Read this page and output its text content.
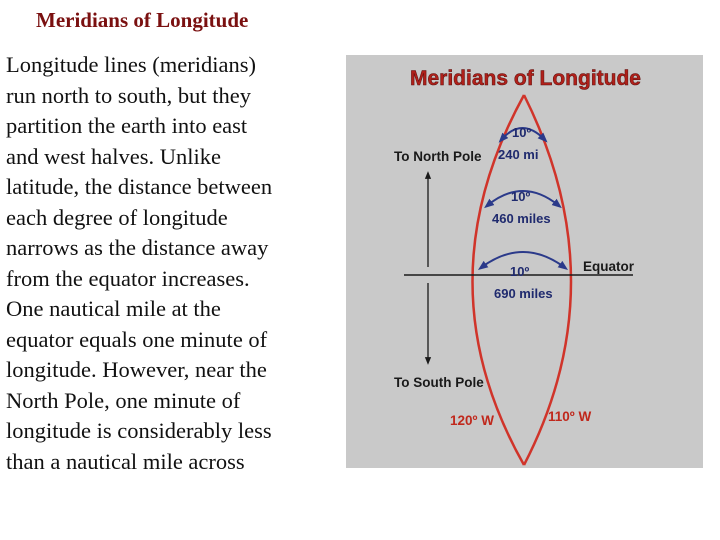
Meridians of Longitude
Longitude lines (meridians)
run north to south, but they
partition the earth into east
and west halves. Unlike
latitude, the distance between
each degree of longitude
narrows as the distance away
from the equator increases.
One nautical mile at the
equator equals one minute of
longitude. However, near the
North Pole, one minute of
longitude is considerably less
than a nautical mile across
Meridians of Longitude
To North Pole
To South Pole
Equator
10º
240 mi
10º
460 miles
10º
690 miles
120º W	110º W
